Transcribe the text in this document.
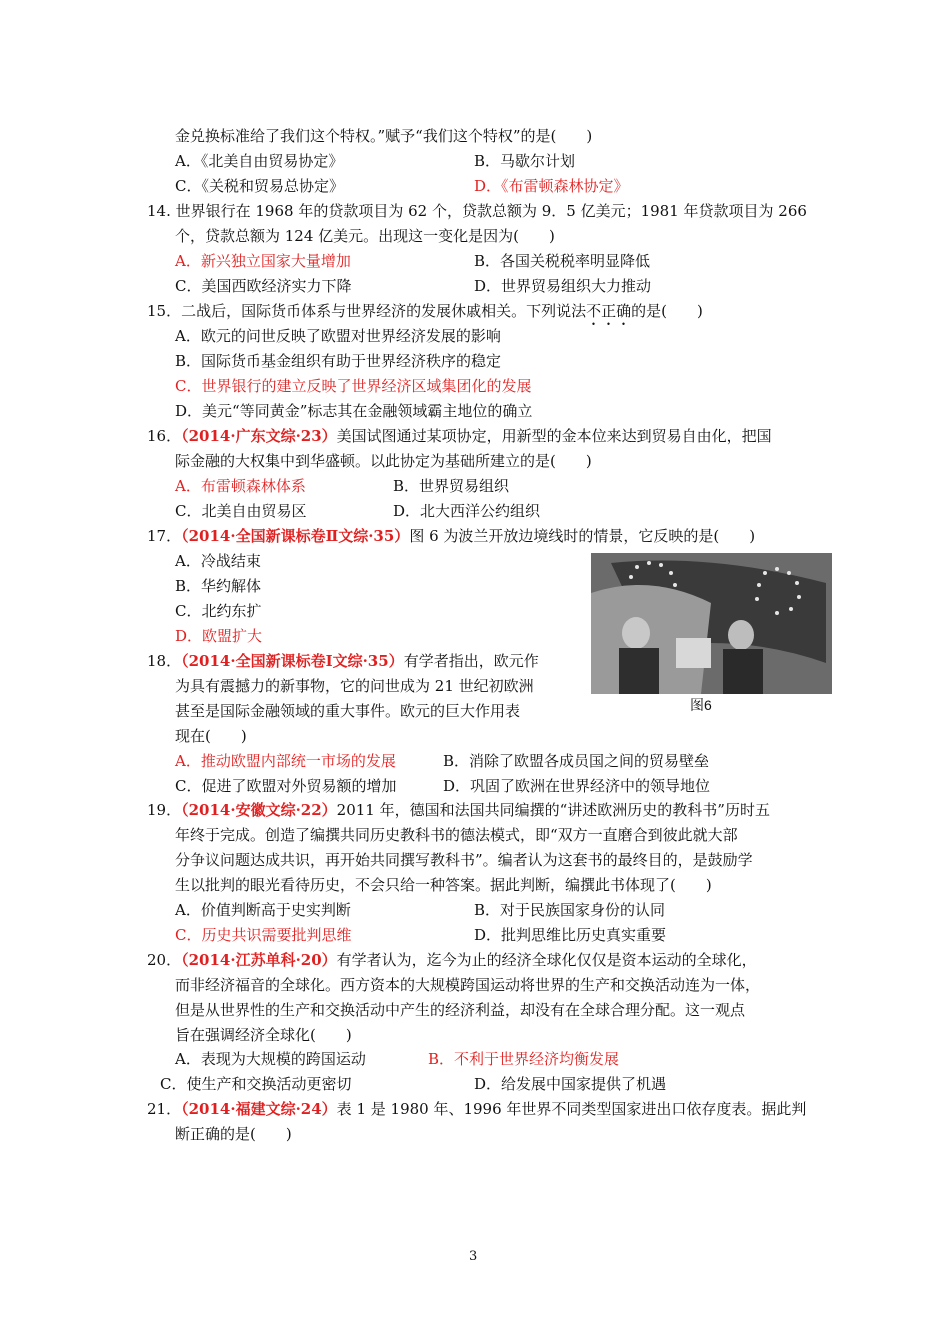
金兑换标准给了我们这个特权。”赋予“我们这个特权”的是(　　)
A．《北美自由贸易协定》	B．马歇尔计划
C．《关税和贸易总协定》	D．《布雷顿森林协定》
14. 世界银行在 1968 年的贷款项目为 62 个，贷款总额为 9．5 亿美元；1981 年贷款项目为 266
个，贷款总额为 124 亿美元。出现这一变化是因为(　　)
A．新兴独立国家大量增加	B．各国关税税率明显降低
C．美国西欧经济实力下降	D．世界贸易组织大力推动
15．二战后，国际货币体系与世界经济的发展休戚相关。下列说法不正确的是(　　)
A．欧元的问世反映了欧盟对世界经济发展的影响
B．国际货币基金组织有助于世界经济秩序的稳定
C．世界银行的建立反映了世界经济区域集团化的发展
D．美元“等同黄金”标志其在金融领域霸主地位的确立
16．（2014·广东文综·23）美国试图通过某项协定，用新型的金本位来达到贸易自由化，把国
际金融的大权集中到华盛顿。以此协定为基础所建立的是(　　)
A．布雷顿森林体系	B．世界贸易组织
C．北美自由贸易区	D．北大西洋公约组织
17．（2014·全国新课标卷Ⅱ文综·35）图 6 为波兰开放边境线时的情景，它反映的是(　　)
A．冷战结束
B．华约解体
C．北约东扩
D．欧盟扩大
图6
18．（2014·全国新课标卷Ⅰ文综·35）有学者指出，欧元作
为具有震撼力的新事物，它的问世成为 21 世纪初欧洲
甚至是国际金融领域的重大事件。欧元的巨大作用表
现在(　　)
A．推动欧盟内部统一市场的发展	B．消除了欧盟各成员国之间的贸易壁垒
C．促进了欧盟对外贸易额的增加	D．巩固了欧洲在世界经济中的领导地位
19．（2014·安徽文综·22）2011 年，德国和法国共同编撰的“讲述欧洲历史的教科书”历时五
年终于完成。创造了编撰共同历史教科书的德法模式，即“双方一直磨合到彼此就大部
分争议问题达成共识，再开始共同撰写教科书”。编者认为这套书的最终目的，是鼓励学
生以批判的眼光看待历史，不会只给一种答案。据此判断，编撰此书体现了(　　)
A．价值判断高于史实判断	B．对于民族国家身份的认同
C．历史共识需要批判思维	D．批判思维比历史真实重要
20．（2014·江苏单科·20）有学者认为，迄今为止的经济全球化仅仅是资本运动的全球化，
而非经济福音的全球化。西方资本的大规模跨国运动将世界的生产和交换活动连为一体，
但是从世界性的生产和交换活动中产生的经济利益，却没有在全球合理分配。这一观点
旨在强调经济全球化(　　)
A．表现为大规模的跨国运动	B．不利于世界经济均衡发展
C．使生产和交换活动更密切	D．给发展中国家提供了机遇
21．（2014·福建文综·24）表 1 是 1980 年、1996 年世界不同类型国家进出口依存度表。据此判
断正确的是(　　)
3
